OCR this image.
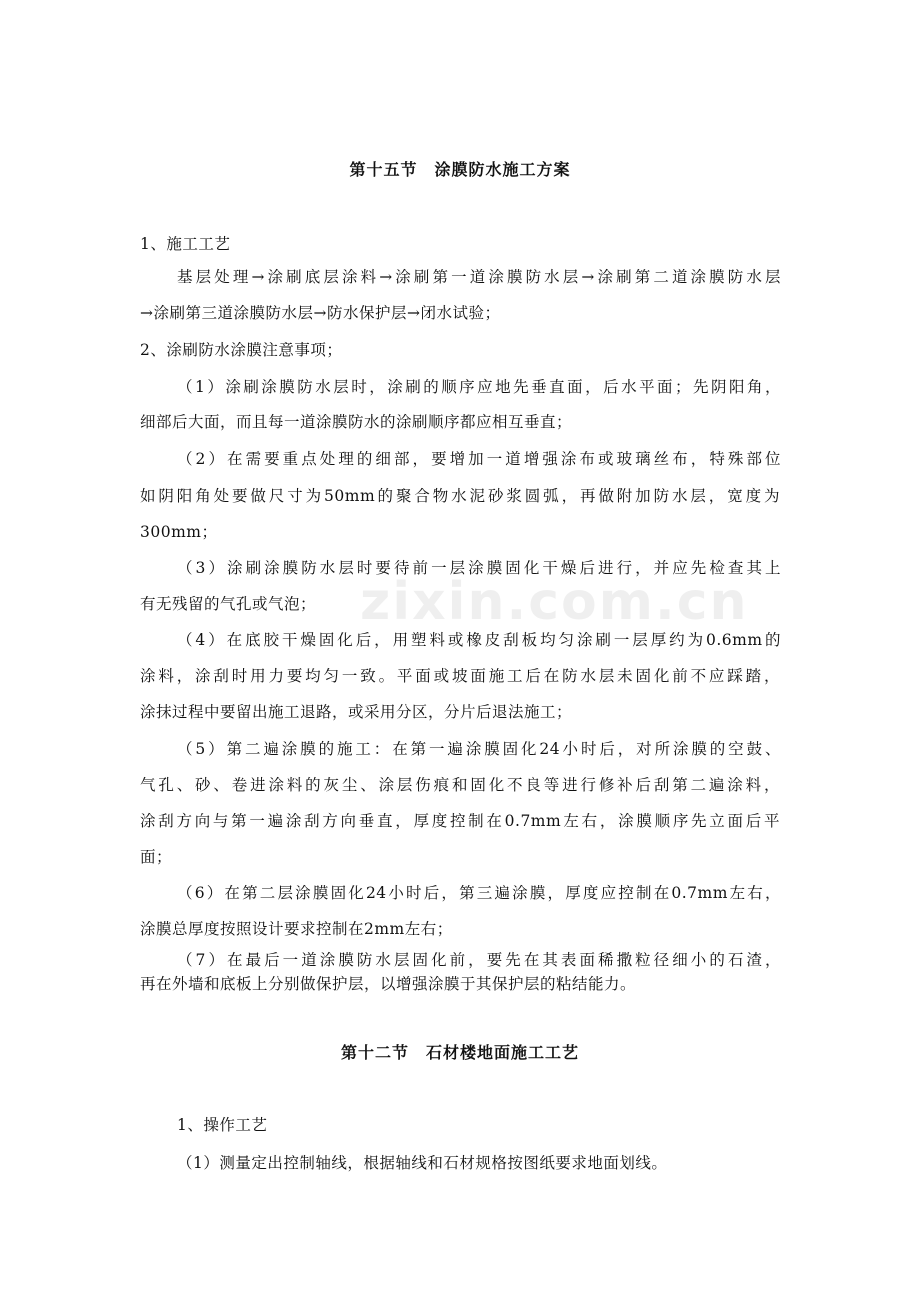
第十五节　涂膜防水施工方案
1、施工工艺
基层处理→涂刷底层涂料→涂刷第一道涂膜防水层→涂刷第二道涂膜防水层
→涂刷第三道涂膜防水层→防水保护层→闭水试验；
2、涂刷防水涂膜注意事项；
（1）涂刷涂膜防水层时，涂刷的顺序应地先垂直面，后水平面；先阴阳角，
细部后大面，而且每一道涂膜防水的涂刷顺序都应相互垂直；
（2）在需要重点处理的细部，要增加一道增强涂布或玻璃丝布，特殊部位
如阴阳角处要做尺寸为50mm的聚合物水泥砂浆圆弧，再做附加防水层，宽度为
300mm；
（3）涂刷涂膜防水层时要待前一层涂膜固化干燥后进行，并应先检查其上
有无残留的气孔或气泡；
（4）在底胶干燥固化后，用塑料或橡皮刮板均匀涂刷一层厚约为0.6mm的
涂料，涂刮时用力要均匀一致。平面或坡面施工后在防水层未固化前不应踩踏，
涂抹过程中要留出施工退路，或采用分区，分片后退法施工；
（5）第二遍涂膜的施工：在第一遍涂膜固化24小时后，对所涂膜的空鼓、
气孔、砂、卷进涂料的灰尘、涂层伤痕和固化不良等进行修补后刮第二遍涂料，
涂刮方向与第一遍涂刮方向垂直，厚度控制在0.7mm左右，涂膜顺序先立面后平
面；
（6）在第二层涂膜固化24小时后，第三遍涂膜，厚度应控制在0.7mm左右，
涂膜总厚度按照设计要求控制在2mm左右；
（7）在最后一道涂膜防水层固化前，要先在其表面稀撒粒径细小的石渣，
再在外墙和底板上分别做保护层，以增强涂膜于其保护层的粘结能力。
第十二节　石材楼地面施工工艺
1、操作工艺
（1）测量定出控制轴线，根据轴线和石材规格按图纸要求地面划线。
zixin.com.cn
